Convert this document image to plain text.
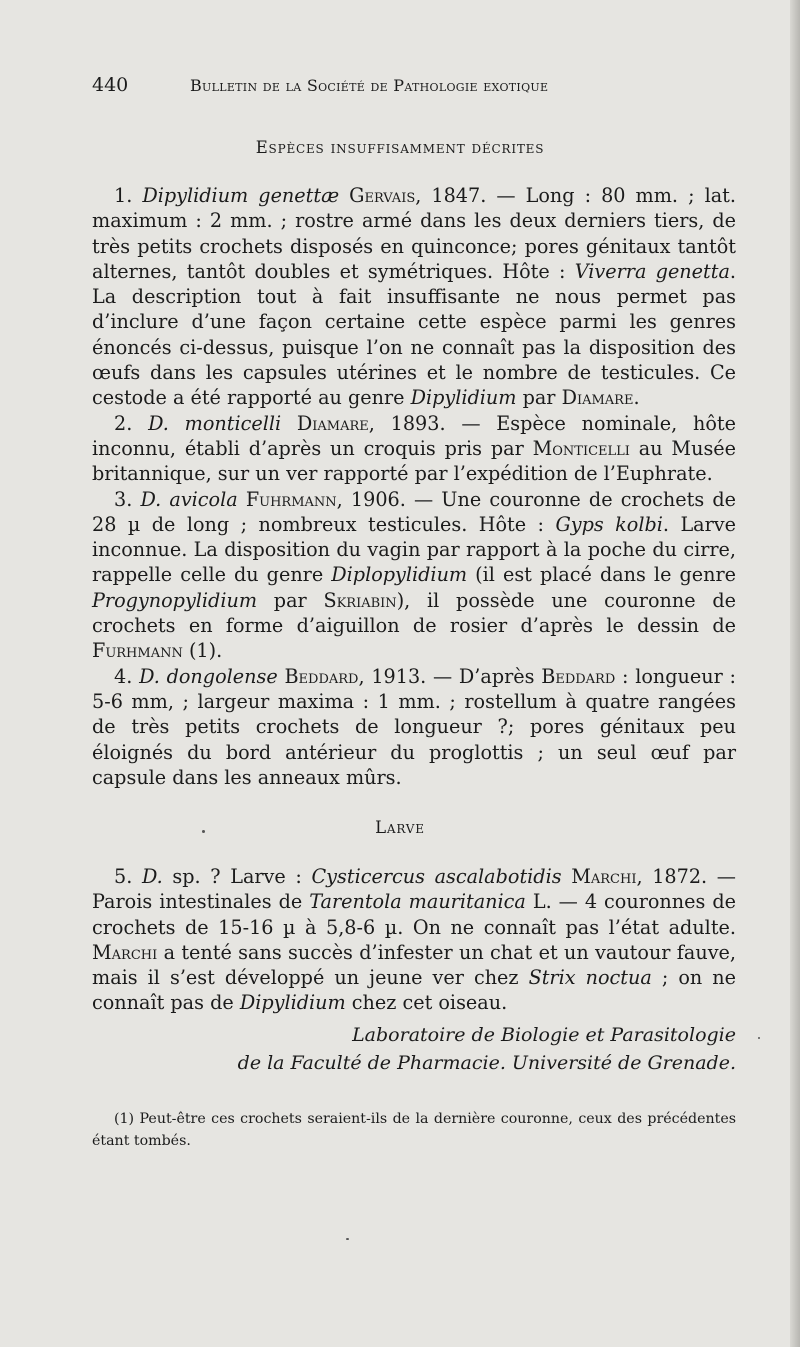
440	Bulletin de la Société de Pathologie exotique
Espèces insuffisamment décrites

1. Dipylidium genettæ Gervais, 1847. — Long : 80 mm. ; lat. maximum : 2 mm. ; rostre armé dans les deux derniers tiers, de très petits crochets disposés en quinconce; pores génitaux tantôt alternes, tantôt doubles et symétriques. Hôte : Viverra genetta. La description tout à fait insuffisante ne nous permet pas d’inclure d’une façon certaine cette espèce parmi les genres énoncés ci-dessus, puisque l’on ne connaît pas la disposition des œufs dans les capsules utérines et le nombre de testicules. Ce cestode a été rapporté au genre Dipylidium par Diamare.

2. D. monticelli Diamare, 1893. — Espèce nominale, hôte inconnu, établi d’après un croquis pris par Monticelli au Musée britannique, sur un ver rapporté par l’expédition de l’Euphrate.

3. D. avicola Fuhrmann, 1906. — Une couronne de crochets de 28 µ de long ; nombreux testicules. Hôte : Gyps kolbi. Larve inconnue. La disposition du vagin par rapport à la poche du cirre, rappelle celle du genre Diplopylidium (il est placé dans le genre Progynopylidium par Skriabin), il possède une couronne de crochets en forme d’aiguillon de rosier d’après le dessin de Furhmann (1).

4. D. dongolense Beddard, 1913. — D’après Beddard : longueur : 5-6 mm, ; largeur maxima : 1 mm. ; rostellum à quatre rangées de très petits crochets de longueur ?; pores génitaux peu éloignés du bord antérieur du proglottis ; un seul œuf par capsule dans les anneaux mûrs.

Larve

5. D. sp. ? Larve : Cysticercus ascalabotidis Marchi, 1872. — Parois intestinales de Tarentola mauritanica L. — 4 couronnes de crochets de 15-16 µ à 5,8-6 µ. On ne connaît pas l’état adulte. Marchi a tenté sans succès d’infester un chat et un vautour fauve, mais il s’est développé un jeune ver chez Strix noctua ; on ne connaît pas de Dipylidium chez cet oiseau.

Laboratoire de Biologie et Parasitologie
de la Faculté de Pharmacie. Université de Grenade.

(1) Peut-être ces crochets seraient-ils de la dernière couronne, ceux des précédentes étant tombés.
